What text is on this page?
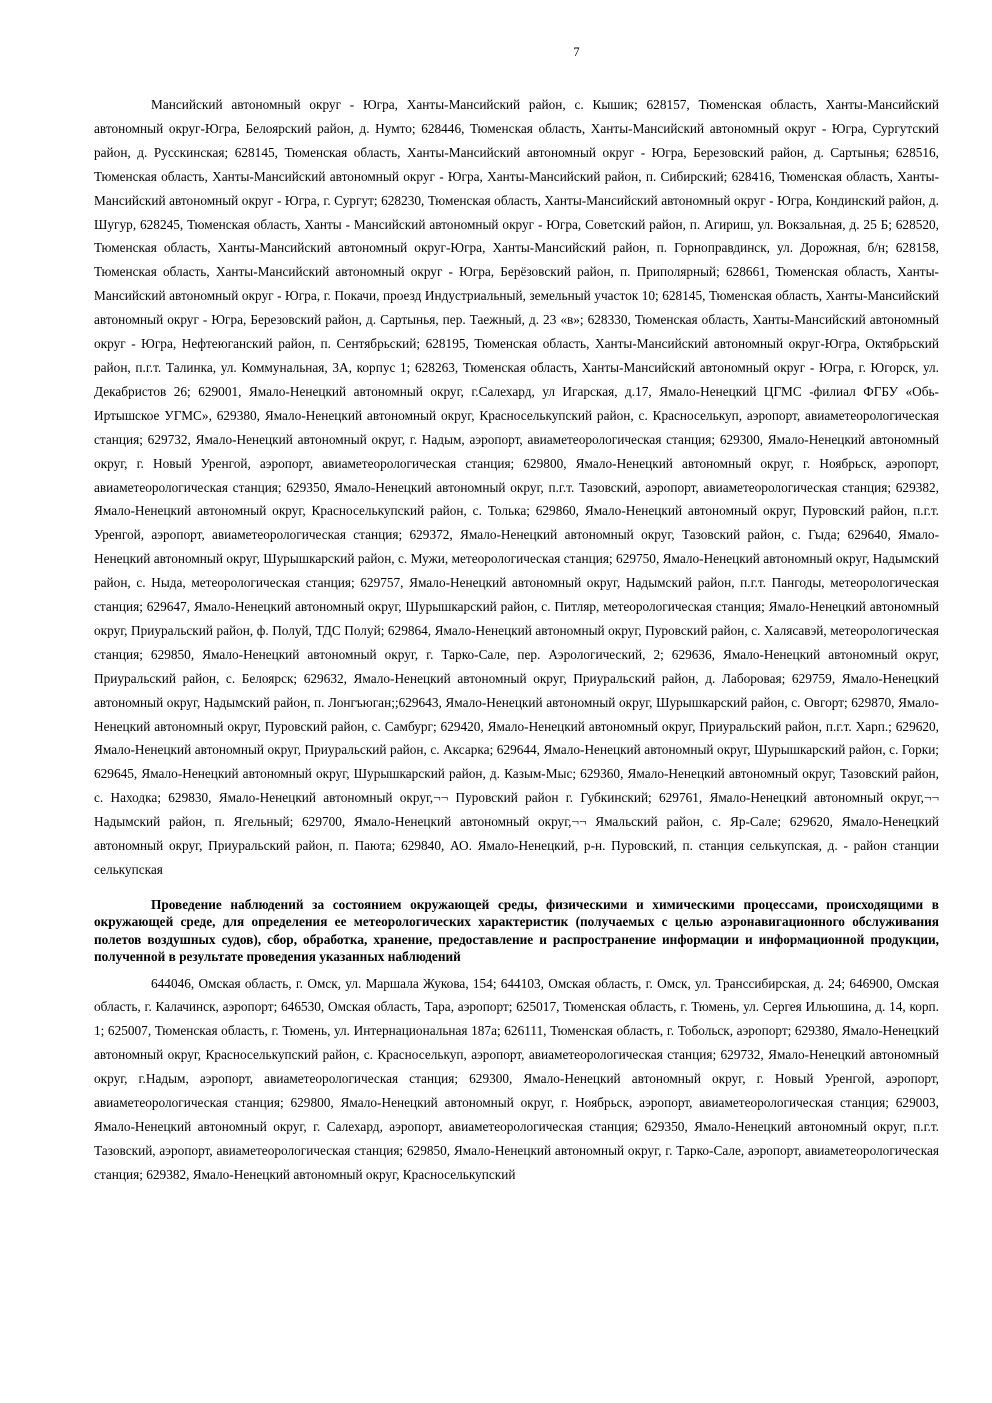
7

Мансийский автономный округ - Югра, Ханты-Мансийский район, с. Кышик; 628157, Тюменская область, Ханты-Мансийский автономный округ-Югра, Белоярский район, д. Нумто; 628446, Тюменская область, Ханты-Мансийский автономный округ - Югра, Сургутский район, д. Русскинская; 628145, Тюменская область, Ханты-Мансийский автономный округ - Югра, Березовский район, д. Сартынья; 628516, Тюменская область, Ханты-Мансийский автономный округ - Югра, Ханты-Мансийский район, п. Сибирский; 628416, Тюменская область, Ханты-Мансийский автономный округ - Югра, г. Сургут; 628230, Тюменская область, Ханты-Мансийский автономный округ - Югра, Кондинский район, д. Шугур, 628245, Тюменская область, Ханты - Мансийский автономный округ - Югра, Советский район, п. Агириш, ул. Вокзальная, д. 25 Б; 628520, Тюменская область, Ханты-Мансийский автономный округ-Югра, Ханты-Мансийский район, п. Горноправдинск, ул. Дорожная, б/н; 628158, Тюменская область, Ханты-Мансийский автономный округ - Югра, Берёзовский район, п. Приполярный; 628661, Тюменская область, Ханты-Мансийский автономный округ - Югра, г. Покачи, проезд Индустриальный, земельный участок 10; 628145, Тюменская область, Ханты-Мансийский автономный округ - Югра, Березовский район, д. Сартынья, пер. Таежный, д. 23 «в»; 628330, Тюменская область, Ханты-Мансийский автономный округ - Югра, Нефтеюганский район, п. Сентябрьский; 628195, Тюменская область, Ханты-Мансийский автономный округ-Югра, Октябрьский район, п.г.т. Талинка, ул. Коммунальная, 3А, корпус 1; 628263, Тюменская область, Ханты-Мансийский автономный округ - Югра, г. Югорск, ул. Декабристов 26; 629001, Ямало-Ненецкий автономный округ, г.Салехард, ул Игарская, д.17, Ямало-Ненецкий ЦГМС -филиал ФГБУ «Обь-Иртышское УГМС», 629380, Ямало-Ненецкий автономный округ, Красноселькупский район, с. Красноселькуп, аэропорт, авиаметеорологическая станция; 629732, Ямало-Ненецкий автономный округ, г. Надым, аэропорт, авиаметеорологическая станция; 629300, Ямало-Ненецкий автономный округ, г. Новый Уренгой, аэропорт, авиаметеорологическая станция; 629800, Ямало-Ненецкий автономный округ, г. Ноябрьск, аэропорт, авиаметеорологическая станция; 629350, Ямало-Ненецкий автономный округ, п.г.т. Тазовский, аэропорт, авиаметеорологическая станция; 629382, Ямало-Ненецкий автономный округ, Красноселькупский район, с. Толька; 629860, Ямало-Ненецкий автономный округ, Пуровский район, п.г.т. Уренгой, аэропорт, авиаметеорологическая станция; 629372, Ямало-Ненецкий автономный округ, Тазовский район, с. Гыда; 629640, Ямало-Ненецкий автономный округ, Шурышкарский район, с. Мужи, метеорологическая станция; 629750, Ямало-Ненецкий автономный округ, Надымский район, с. Ныда, метеорологическая станция; 629757, Ямало-Ненецкий автономный округ, Надымский район, п.г.т. Пангоды, метеорологическая станция; 629647, Ямало-Ненецкий автономный округ, Шурышкарский район, с. Питляр, метеорологическая станция; Ямало-Ненецкий автономный округ, Приуральский район, ф. Полуй, ТДС Полуй; 629864, Ямало-Ненецкий автономный округ, Пуровский район, с. Халясавэй, метеорологическая станция; 629850, Ямало-Ненецкий автономный округ, г. Тарко-Сале, пер. Аэрологический, 2; 629636, Ямало-Ненецкий автономный округ, Приуральский район, с. Белоярск; 629632, Ямало-Ненецкий автономный округ, Приуральский район, д. Лаборовая; 629759, Ямало-Ненецкий автономный округ, Надымский район, п. Лонгъюган;;629643, Ямало-Ненецкий автономный округ, Шурышкарский район, с. Овгорт; 629870, Ямало-Ненецкий автономный округ, Пуровский район, с. Самбург; 629420, Ямало-Ненецкий автономный округ, Приуральский район, п.г.т. Харп.; 629620, Ямало-Ненецкий автономный округ, Приуральский район, с. Аксарка; 629644, Ямало-Ненецкий автономный округ, Шурышкарский район, с. Горки; 629645, Ямало-Ненецкий автономный округ, Шурышкарский район, д. Казым-Мыс; 629360, Ямало-Ненецкий автономный округ, Тазовский район, с. Находка; 629830, Ямало-Ненецкий автономный округ,¬¬ Пуровский район г. Губкинский; 629761, Ямало-Ненецкий автономный округ,¬¬ Надымский район, п. Ягельный; 629700, Ямало-Ненецкий автономный округ,¬¬ Ямальский район, с. Яр-Сале; 629620, Ямало-Ненецкий автономный округ, Приуральский район, п. Паюта; 629840, АО. Ямало-Ненецкий, р-н. Пуровский, п. станция селькупская, д. - район станции селькупская

Проведение наблюдений за состоянием окружающей среды, физическими и химическими процессами, происходящими в окружающей среде, для определения ее метеорологических характеристик (получаемых с целью аэронавигационного обслуживания полетов воздушных судов), сбор, обработка, хранение, предоставление и распространение информации и информационной продукции, полученной в результате проведения указанных наблюдений

644046, Омская область, г. Омск, ул. Маршала Жукова, 154; 644103, Омская область, г. Омск, ул. Транссибирская, д. 24; 646900, Омская область, г. Калачинск, аэропорт; 646530, Омская область, Тара, аэропорт; 625017, Тюменская область, г. Тюмень, ул. Сергея Ильюшина, д. 14, корп. 1; 625007, Тюменская область, г. Тюмень, ул. Интернациональная 187а; 626111, Тюменская область, г. Тобольск, аэропорт; 629380, Ямало-Ненецкий автономный округ, Красноселькупский район, с. Красноселькуп, аэропорт, авиаметеорологическая станция; 629732, Ямало-Ненецкий автономный округ, г.Надым, аэропорт, авиаметеорологическая станция; 629300, Ямало-Ненецкий автономный округ, г. Новый Уренгой, аэропорт, авиаметеорологическая станция; 629800, Ямало-Ненецкий автономный округ, г. Ноябрьск, аэропорт, авиаметеорологическая станция; 629003, Ямало-Ненецкий автономный округ, г. Салехард, аэропорт, авиаметеорологическая станция; 629350, Ямало-Ненецкий автономный округ, п.г.т. Тазовский, аэропорт, авиаметеорологическая станция; 629850, Ямало-Ненецкий автономный округ, г. Тарко-Сале, аэропорт, авиаметеорологическая станция; 629382, Ямало-Ненецкий автономный округ, Красноселькупский
